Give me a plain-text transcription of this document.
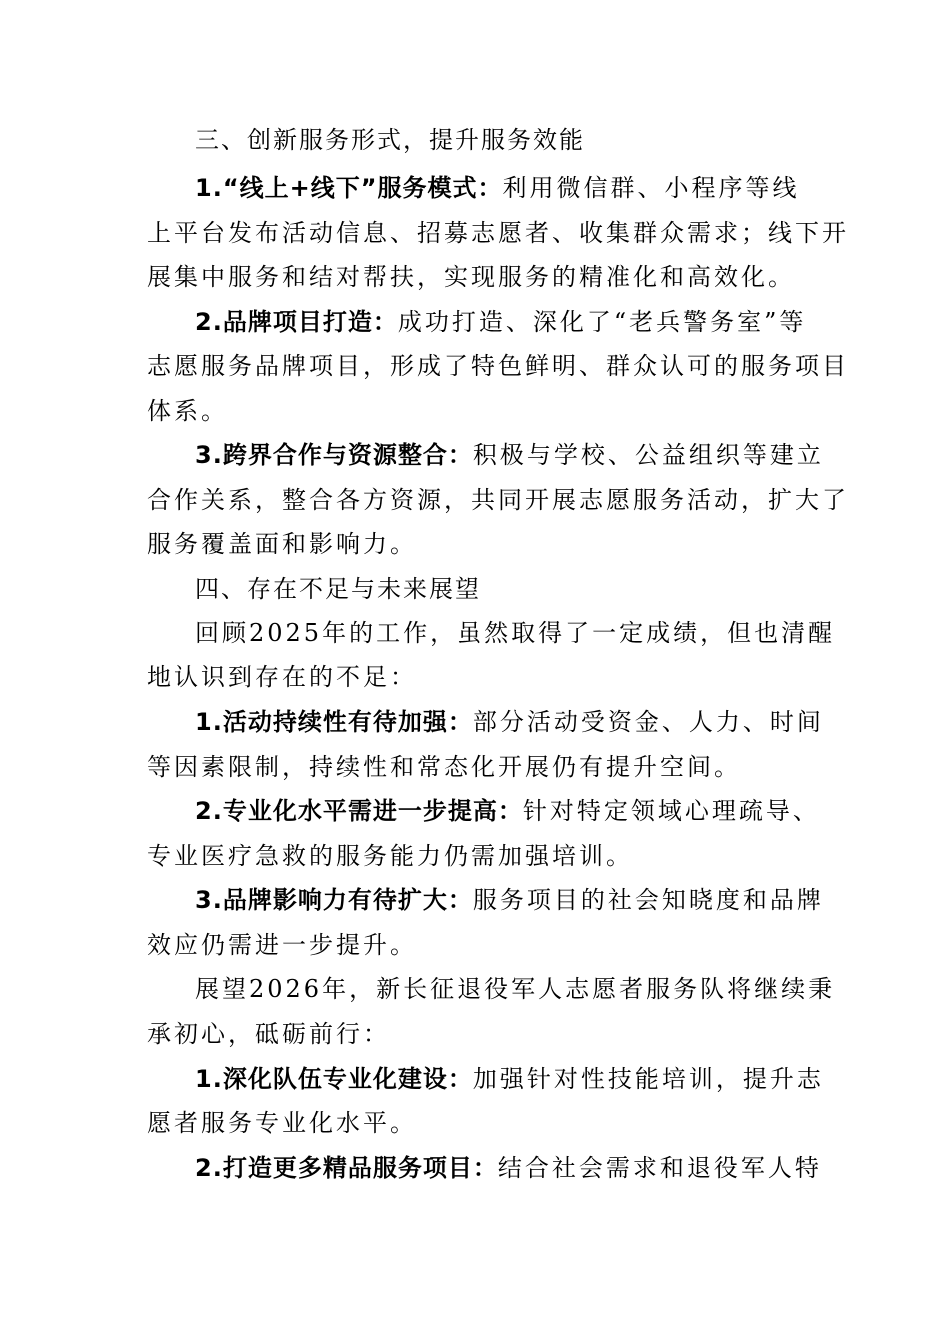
三、创新服务形式，提升服务效能
1.“线上+线下”服务模式：利用微信群、小程序等线
上平台发布活动信息、招募志愿者、收集群众需求；线下开
展集中服务和结对帮扶，实现服务的精准化和高效化。
2.品牌项目打造：成功打造、深化了“老兵警务室”等
志愿服务品牌项目，形成了特色鲜明、群众认可的服务项目
体系。
3.跨界合作与资源整合：积极与学校、公益组织等建立
合作关系，整合各方资源，共同开展志愿服务活动，扩大了
服务覆盖面和影响力。
四、存在不足与未来展望
回顾2025年的工作，虽然取得了一定成绩，但也清醒
地认识到存在的不足：
1.活动持续性有待加强：部分活动受资金、人力、时间
等因素限制，持续性和常态化开展仍有提升空间。
2.专业化水平需进一步提高：针对特定领域心理疏导、
专业医疗急救的服务能力仍需加强培训。
3.品牌影响力有待扩大：服务项目的社会知晓度和品牌
效应仍需进一步提升。
展望2026年，新长征退役军人志愿者服务队将继续秉
承初心，砥砺前行：
1.深化队伍专业化建设：加强针对性技能培训，提升志
愿者服务专业化水平。
2.打造更多精品服务项目：结合社会需求和退役军人特
